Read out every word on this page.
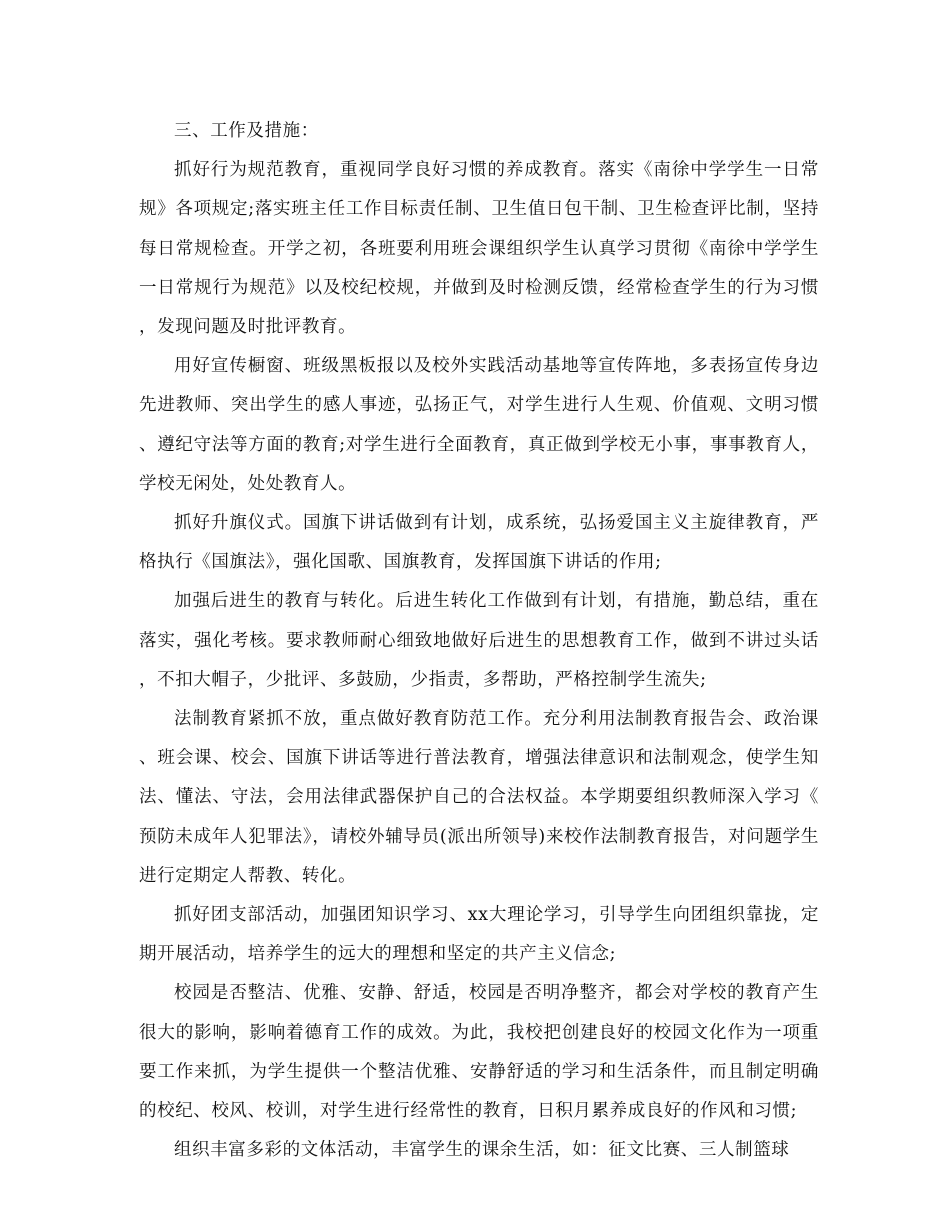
三、工作及措施：

抓好行为规范教育，重视同学良好习惯的养成教育。落实《南徐中学学生一日常规》各项规定;落实班主任工作目标责任制、卫生值日包干制、卫生检查评比制，坚持每日常规检查。开学之初，各班要利用班会课组织学生认真学习贯彻《南徐中学学生一日常规行为规范》以及校纪校规，并做到及时检测反馈，经常检查学生的行为习惯，发现问题及时批评教育。

用好宣传橱窗、班级黑板报以及校外实践活动基地等宣传阵地，多表扬宣传身边先进教师、突出学生的感人事迹，弘扬正气，对学生进行人生观、价值观、文明习惯、遵纪守法等方面的教育;对学生进行全面教育，真正做到学校无小事，事事教育人，学校无闲处，处处教育人。

抓好升旗仪式。国旗下讲话做到有计划，成系统，弘扬爱国主义主旋律教育，严格执行《国旗法》，强化国歌、国旗教育，发挥国旗下讲话的作用;

加强后进生的教育与转化。后进生转化工作做到有计划，有措施，勤总结，重在落实，强化考核。要求教师耐心细致地做好后进生的思想教育工作，做到不讲过头话，不扣大帽子，少批评、多鼓励，少指责，多帮助，严格控制学生流失;

法制教育紧抓不放，重点做好教育防范工作。充分利用法制教育报告会、政治课、班会课、校会、国旗下讲话等进行普法教育，增强法律意识和法制观念，使学生知法、懂法、守法，会用法律武器保护自己的合法权益。本学期要组织教师深入学习《预防未成年人犯罪法》，请校外辅导员(派出所领导)来校作法制教育报告，对问题学生进行定期定人帮教、转化。

抓好团支部活动，加强团知识学习、xx大理论学习，引导学生向团组织靠拢，定期开展活动，培养学生的远大的理想和坚定的共产主义信念;

校园是否整洁、优雅、安静、舒适，校园是否明净整齐，都会对学校的教育产生很大的影响，影响着德育工作的成效。为此，我校把创建良好的校园文化作为一项重要工作来抓，为学生提供一个整洁优雅、安静舒适的学习和生活条件，而且制定明确的校纪、校风、校训，对学生进行经常性的教育，日积月累养成良好的作风和习惯;

组织丰富多彩的文体活动，丰富学生的课余生活，如：征文比赛、三人制篮球
